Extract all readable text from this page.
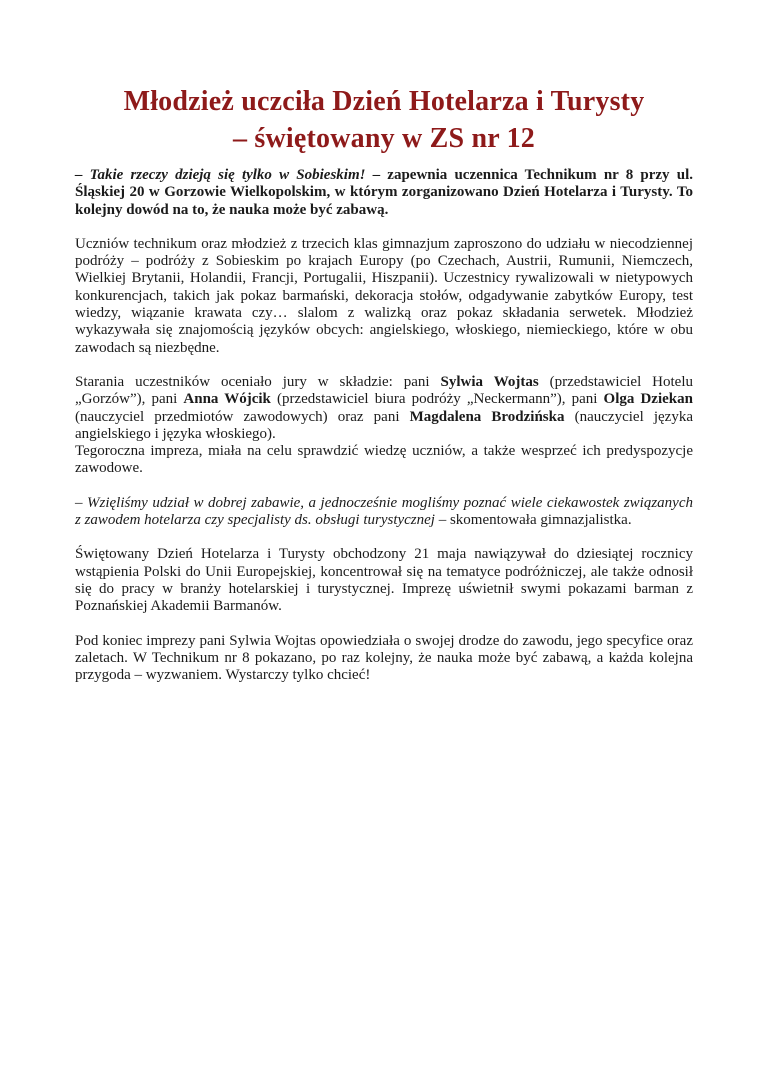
Młodzież uczciła Dzień Hotelarza i Turysty
– świętowany w ZS nr 12

– Takie rzeczy dzieją się tylko w Sobieskim! – zapewnia uczennica Technikum nr 8 przy ul. Śląskiej 20 w Gorzowie Wielkopolskim, w którym zorganizowano Dzień Hotelarza i Turysty. To kolejny dowód na to, że nauka może być zabawą.

Uczniów technikum oraz młodzież z trzecich klas gimnazjum zaproszono do udziału w niecodziennej podróży – podróży z Sobieskim po krajach Europy (po Czechach, Austrii, Rumunii, Niemczech, Wielkiej Brytanii, Holandii, Francji, Portugalii, Hiszpanii). Uczestnicy rywalizowali w nietypowych konkurencjach, takich jak pokaz barmański, dekoracja stołów, odgadywanie zabytków Europy, test wiedzy, wiązanie krawata czy… slalom z walizką oraz pokaz składania serwetek. Młodzież wykazywała się znajomością języków obcych: angielskiego, włoskiego, niemieckiego, które w obu zawodach są niezbędne.

Starania uczestników oceniało jury w składzie: pani Sylwia Wojtas (przedstawiciel Hotelu „Gorzów”), pani Anna Wójcik (przedstawiciel biura podróży „Neckermann”), pani Olga Dziekan (nauczyciel przedmiotów zawodowych) oraz pani Magdalena Brodzińska (nauczyciel języka angielskiego i języka włoskiego).
Tegoroczna impreza, miała na celu sprawdzić wiedzę uczniów, a także wesprzeć ich predyspozycje zawodowe.

– Wzięliśmy udział w dobrej zabawie, a jednocześnie mogliśmy poznać wiele ciekawostek związanych z zawodem hotelarza czy specjalisty ds. obsługi turystycznej – skomentowała gimnazjalistka.

Świętowany Dzień Hotelarza i Turysty obchodzony 21 maja nawiązywał do dziesiątej rocznicy wstąpienia Polski do Unii Europejskiej, koncentrował się na tematyce podróżniczej, ale także odnosił się do pracy w branży hotelarskiej i turystycznej. Imprezę uświetnił swymi pokazami barman z Poznańskiej Akademii Barmanów.

Pod koniec imprezy pani Sylwia Wojtas opowiedziała o swojej drodze do zawodu, jego specyfice oraz zaletach. W Technikum nr 8 pokazano, po raz kolejny, że nauka może być zabawą, a każda kolejna przygoda – wyzwaniem. Wystarczy tylko chcieć!
